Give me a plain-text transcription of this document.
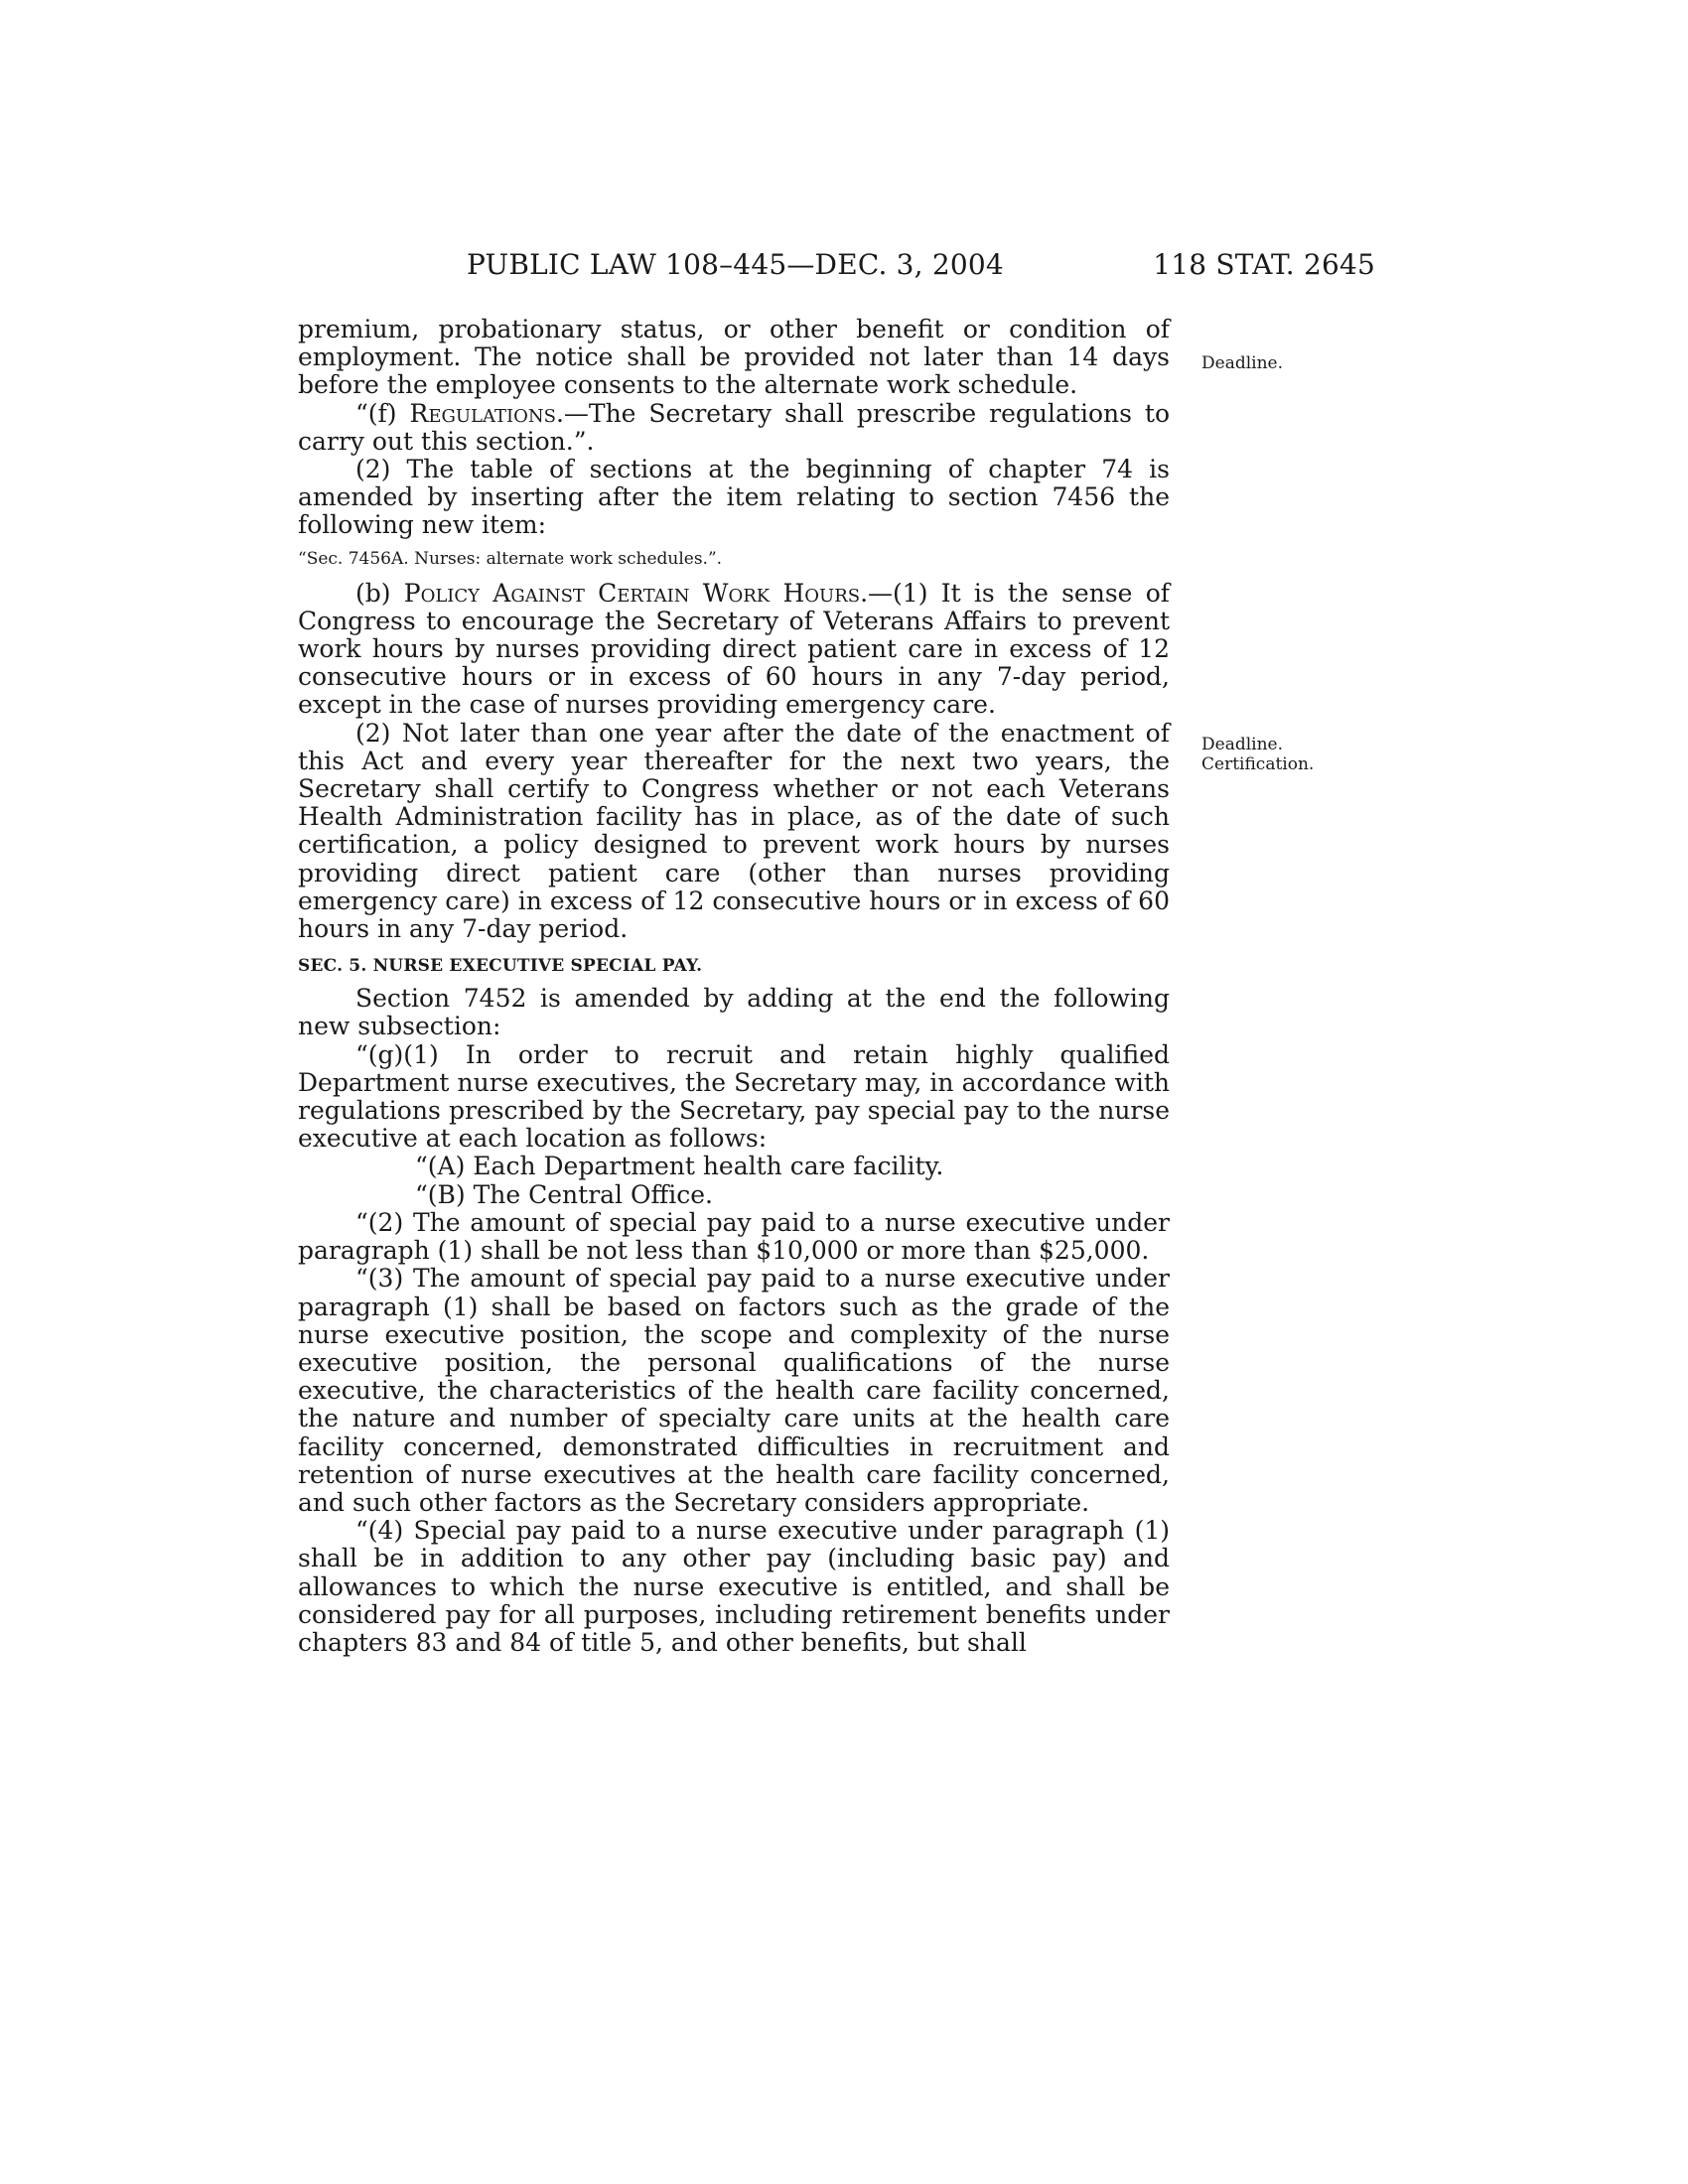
PUBLIC LAW 108–445—DEC. 3, 2004	118 STAT. 2645
Deadline.
Deadline.
Certification.

premium, probationary status, or other benefit or condition of employment. The notice shall be provided not later than 14 days before the employee consents to the alternate work schedule.

“(f) Regulations.—The Secretary shall prescribe regulations to carry out this section.”.

(2) The table of sections at the beginning of chapter 74 is amended by inserting after the item relating to section 7456 the following new item:

“Sec. 7456A. Nurses: alternate work schedules.”.

(b) Policy Against Certain Work Hours.—(1) It is the sense of Congress to encourage the Secretary of Veterans Affairs to prevent work hours by nurses providing direct patient care in excess of 12 consecutive hours or in excess of 60 hours in any 7-day period, except in the case of nurses providing emergency care.

(2) Not later than one year after the date of the enactment of this Act and every year thereafter for the next two years, the Secretary shall certify to Congress whether or not each Veterans Health Administration facility has in place, as of the date of such certification, a policy designed to prevent work hours by nurses providing direct patient care (other than nurses providing emergency care) in excess of 12 consecutive hours or in excess of 60 hours in any 7-day period.

SEC. 5. NURSE EXECUTIVE SPECIAL PAY.

Section 7452 is amended by adding at the end the following new subsection:

“(g)(1) In order to recruit and retain highly qualified Department nurse executives, the Secretary may, in accordance with regulations prescribed by the Secretary, pay special pay to the nurse executive at each location as follows:

“(A) Each Department health care facility.

“(B) The Central Office.

“(2) The amount of special pay paid to a nurse executive under paragraph (1) shall be not less than $10,000 or more than $25,000.

“(3) The amount of special pay paid to a nurse executive under paragraph (1) shall be based on factors such as the grade of the nurse executive position, the scope and complexity of the nurse executive position, the personal qualifications of the nurse executive, the characteristics of the health care facility concerned, the nature and number of specialty care units at the health care facility concerned, demonstrated difficulties in recruitment and retention of nurse executives at the health care facility concerned, and such other factors as the Secretary considers appropriate.

“(4) Special pay paid to a nurse executive under paragraph (1) shall be in addition to any other pay (including basic pay) and allowances to which the nurse executive is entitled, and shall be considered pay for all purposes, including retirement benefits under chapters 83 and 84 of title 5, and other benefits, but shall
